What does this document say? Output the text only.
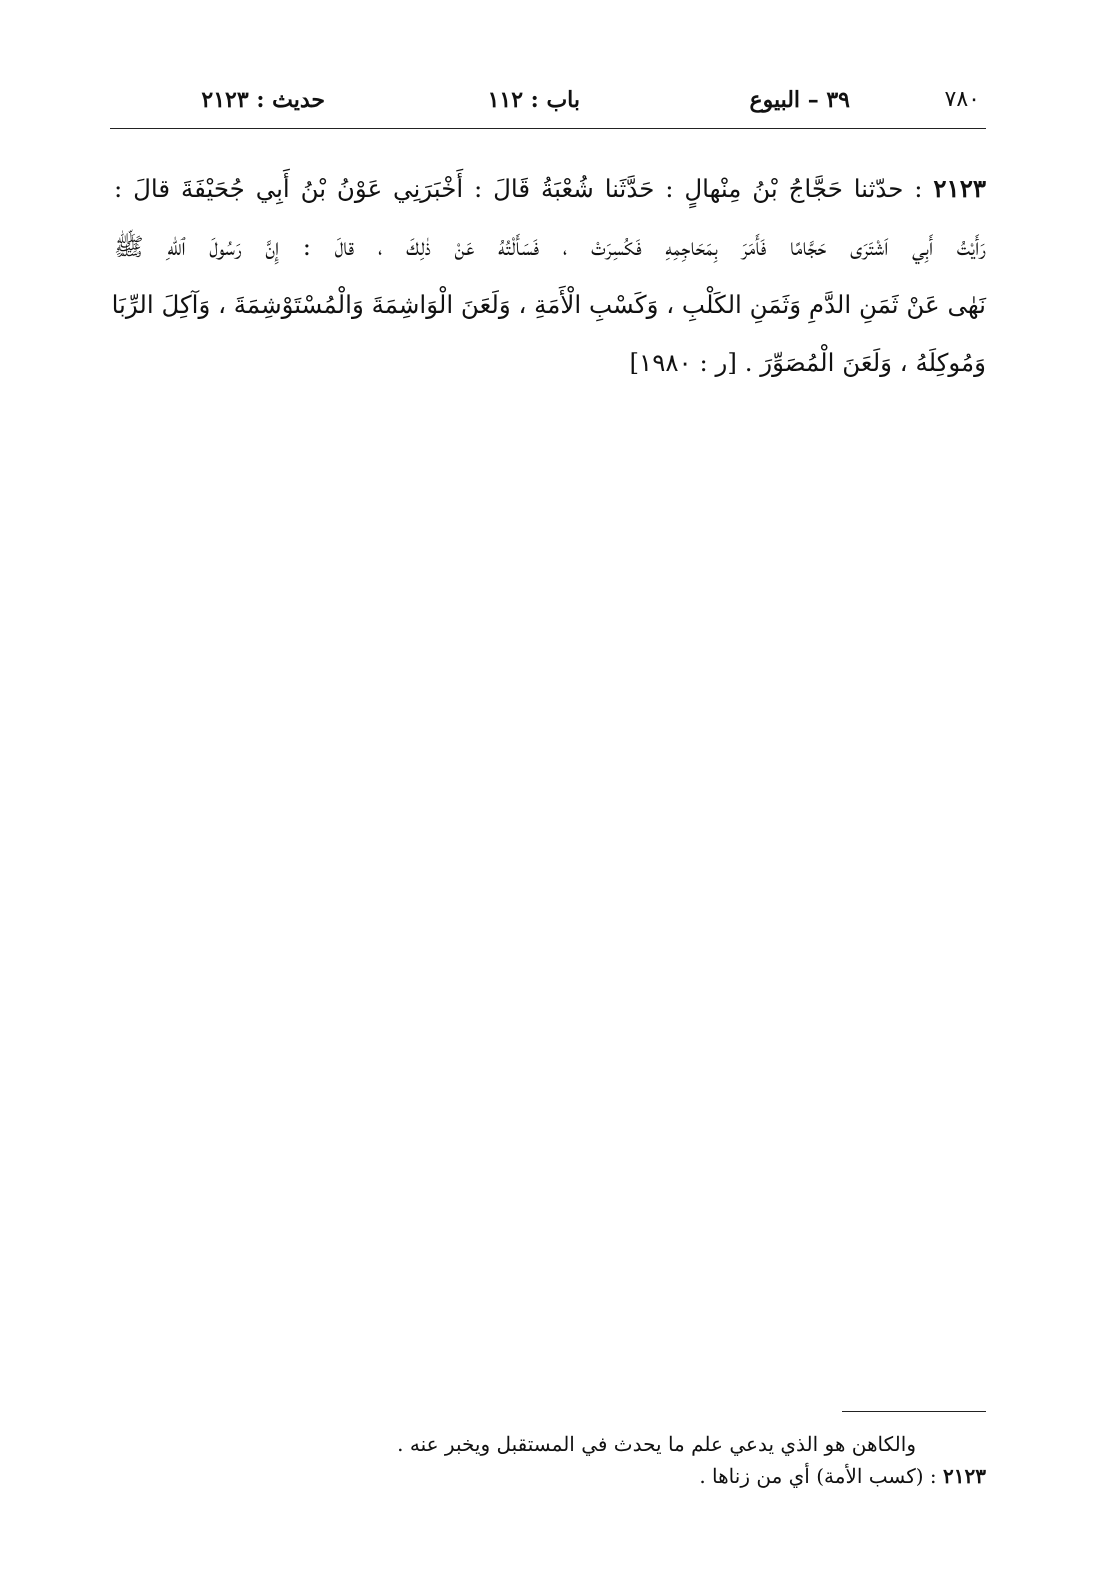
٧٨٠
٣٩ – البيوع
باب : ١١٢
حديث : ٢١٢٣
٢١٢٣ : حدّثنا حَجَّاجُ بْنُ مِنْهالٍ : حَدَّثَنا شُعْبَةُ قَالَ : أَخْبَرَنِي عَوْنُ بْنُ أَبِي جُحَيْفَةَ قالَ :
رَأَيْتُ أَبِي اَشْتَرَى حَجَّامًا فَأَمَرَ بِمَحَاجِمِهِ فَكُسِرَتْ ، فَسَأَلْتُهُ عَنْ ذٰلِكَ ، قالَ : إِنَّ رَسُولَ ٱللّٰهِ ﷺ
نَهٰى عَنْ ثَمَنِ الدَّمِ وَثَمَنِ الكَلْبِ ، وَكَسْبِ الْأَمَةِ ، وَلَعَنَ الْوَاشِمَةَ وَالْمُسْتَوْشِمَةَ ، وَآكِلَ الرِّبَا
وَمُوكِلَهُ ، وَلَعَنَ الْمُصَوِّرَ . [ر : ١٩٨٠]
والكاهن هو الذي يدعي علم ما يحدث في المستقبل ويخبر عنه .
٢١٢٣ : (كسب الأمة) أي من زناها .
